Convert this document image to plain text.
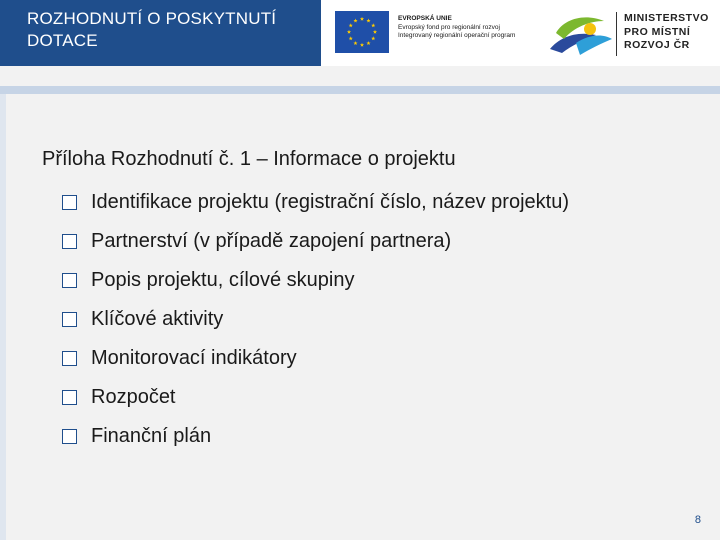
ROZHODNUTÍ O POSKYTNUTÍ
DOTACE
EVROPSKÁ UNIE
Evropský fond pro regionální rozvoj
Integrovaný regionální operační program
MINISTERSTVO
PRO MÍSTNÍ
ROZVOJ ČR
Příloha Rozhodnutí č. 1 – Informace o projektu
Identifikace projektu (registrační číslo, název projektu)
Partnerství (v případě zapojení partnera)
Popis projektu, cílové skupiny
Klíčové aktivity
Monitorovací indikátory
Rozpočet
Finanční plán
8
